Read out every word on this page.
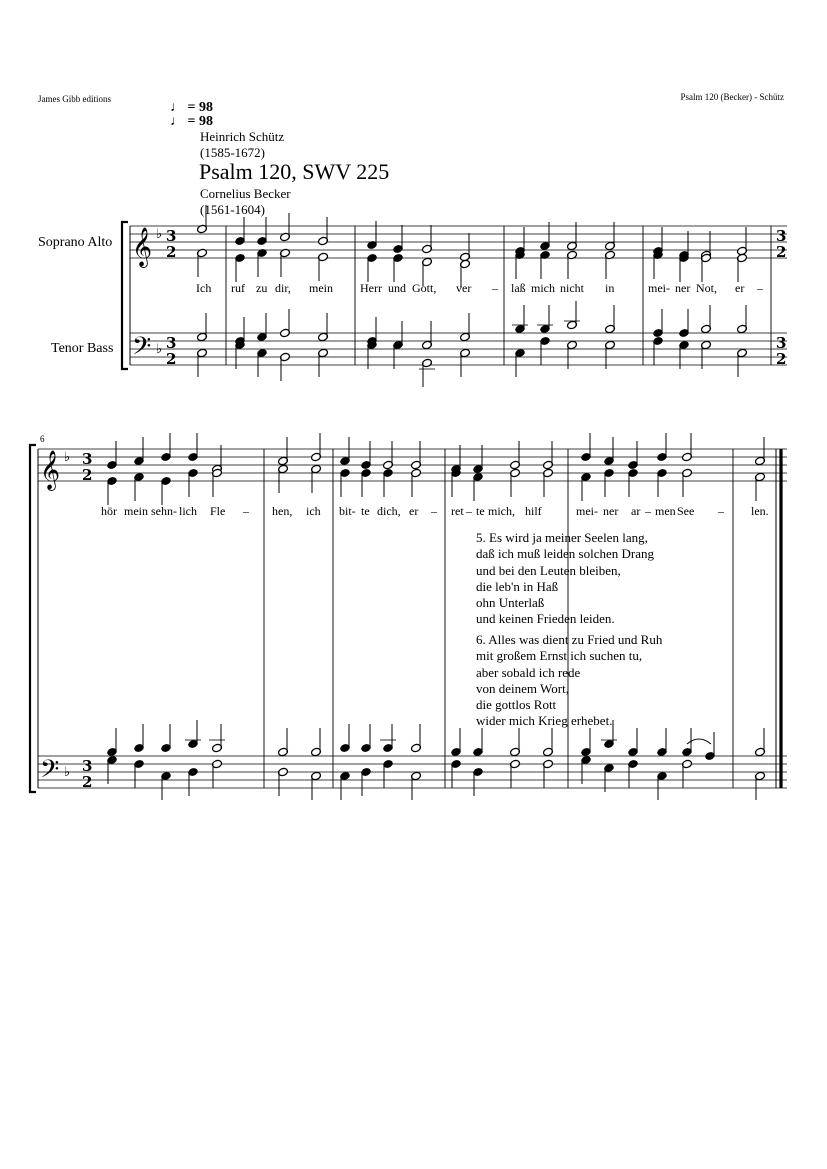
James Gibb editions	Psalm 120 (Becker) - Schütz
♩ = 98
♩ = 98
Heinrich Schütz
(1585-1672)
Psalm 120, SWV 225
Cornelius Becker
(1561-1604)
Soprano Alto
Tenor Bass
6
Ich ruf zu dir, mein Herr und Gott, ver – laß mich nicht in	mei- ner Not, er –
hör mein sehn- lich Fle – hen, ich bit- te dich, er – ret – te mich, hilf	mei- ner ar – men See – len.
5. Es wird ja meiner Seelen lang,
daß ich muß leiden solchen Drang
und bei den Leuten bleiben,
die leb'n in Haß
ohn Unterlaß
und keinen Frieden leiden.
6. Alles was dient zu Fried und Ruh
mit großem Ernst ich suchen tu,
aber sobald ich rede
von deinem Wort,
die gottlos Rott
wider mich Krieg erhebet.
𝄞
𝄢
♭
♭
3
2
3
2
3
2
3
2
𝄞
𝄢
♭
♭
3
2
3
2
